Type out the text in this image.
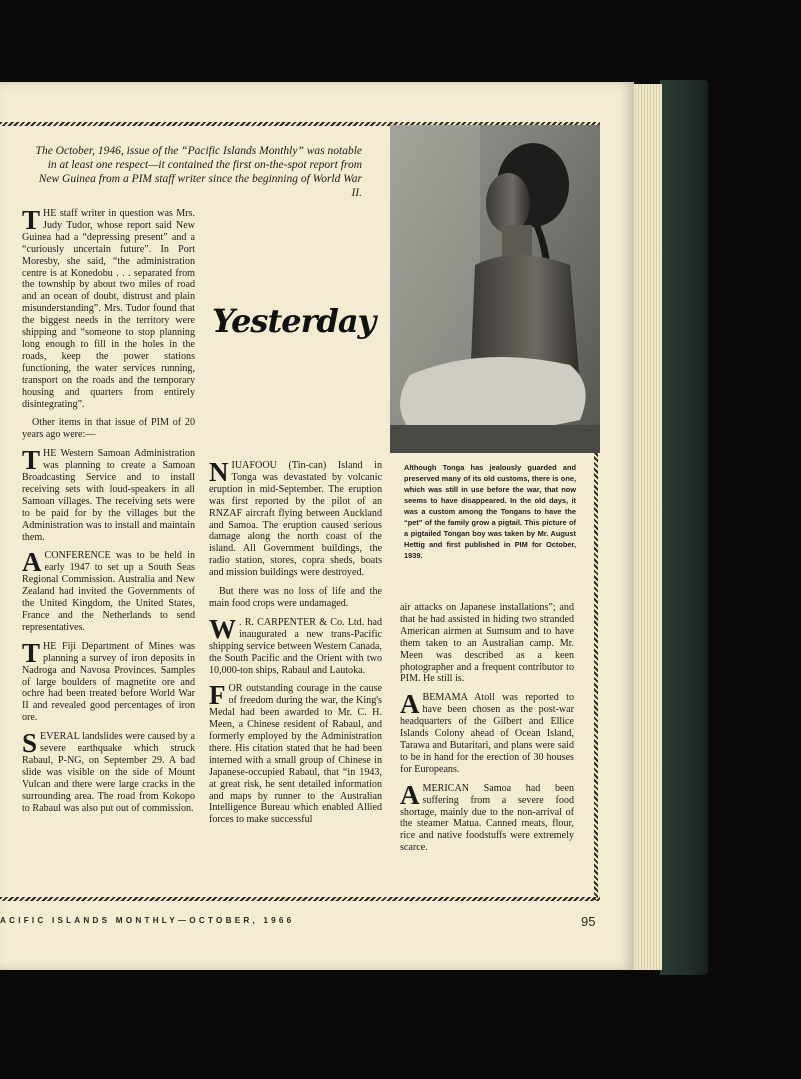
The October, 1946, issue of the “Pacific Islands Monthly” was notable in at least one respect—it contained the first on-the-spot report from New Guinea from a PIM staff writer since the beginning of World War II.
Yesterday
Although Tonga has jealously guarded and preserved many of its old customs, there is one, which was still in use before the war, that now seems to have disappeared. In the old days, it was a custom among the Tongans to have the “pet” of the family grow a pigtail. This picture of a pigtailed Tongan boy was taken by Mr. August Hettig and first published in PIM for October, 1939.

THE staff writer in question was Mrs. Judy Tudor, whose report said New Guinea had a “depressing present” and a “curiously uncertain future”. In Port Moresby, she said, “the administration centre is at Konedobu . . . separated from the township by about two miles of road and an ocean of doubt, distrust and plain misunderstanding”. Mrs. Tudor found that the biggest needs in the territory were shipping and “someone to stop planning long enough to fill in the holes in the roads, keep the power stations functioning, the water services running, transport on the roads and the temporary housing and quarters from entirely disintegrating”.

Other items in that issue of PIM of 20 years ago were:—

THE Western Samoan Administration was planning to create a Samoan Broadcasting Service and to install receiving sets with loud-speakers in all Samoan villages. The receiving sets were to be paid for by the villages but the Administration was to install and maintain them.

A CONFERENCE was to be held in early 1947 to set up a South Seas Regional Commission. Australia and New Zealand had invited the Governments of the United Kingdom, the United States, France and the Netherlands to send representatives.

THE Fiji Department of Mines was planning a survey of iron deposits in Nadroga and Navosa Provinces. Samples of large boulders of magnetite ore and ochre had been treated before World War II and revealed good percentages of iron ore.

SEVERAL landslides were caused by a severe earthquake which struck Rabaul, P-NG, on September 29. A bad slide was visible on the side of Mount Vulcan and there were large cracks in the surrounding area. The road from Kokopo to Rabaul was also put out of commission.

NIUAFOOU (Tin-can) Island in Tonga was devastated by volcanic eruption in mid-September. The eruption was first reported by the pilot of an RNZAF aircraft flying between Auckland and Samoa. The eruption caused serious damage along the north coast of the island. All Government buildings, the radio station, stores, copra sheds, boats and mission buildings were destroyed.

But there was no loss of life and the main food crops were undamaged.

W . R. CARPENTER & Co. Ltd. had inaugurated a new trans-Pacific shipping service between Western Canada, the South Pacific and the Orient with two 10,000-ton ships, Rabaul and Lautoka.

FOR outstanding courage in the cause of freedom during the war, the King's Medal had been awarded to Mr. C. H. Meen, a Chinese resident of Rabaul, and formerly employed by the Administration there. His citation stated that he had been interned with a small group of Chinese in Japanese-occupied Rabaul, that “in 1943, at great risk, he sent detailed information and maps by runner to the Australian Intelligence Bureau which enabled Allied forces to make successful

air attacks on Japanese installations”; and that he had assisted in hiding two stranded American airmen at Sumsum and to have them taken to an Australian camp. Mr. Meen was described as a keen photographer and a frequent contributor to PIM. He still is.

ABEMAMA Atoll was reported to have been chosen as the post-war headquarters of the Gilbert and Ellice Islands Colony ahead of Ocean Island, Tarawa and Butaritari, and plans were said to be in hand for the erection of 30 houses for Europeans.

AMERICAN Samoa had been suffering from a severe food shortage, mainly due to the non-arrival of the steamer Matua. Canned meats, flour, rice and native foodstuffs were extremely scarce.

ACIFIC ISLANDS MONTHLY—OCTOBER, 1966	95
